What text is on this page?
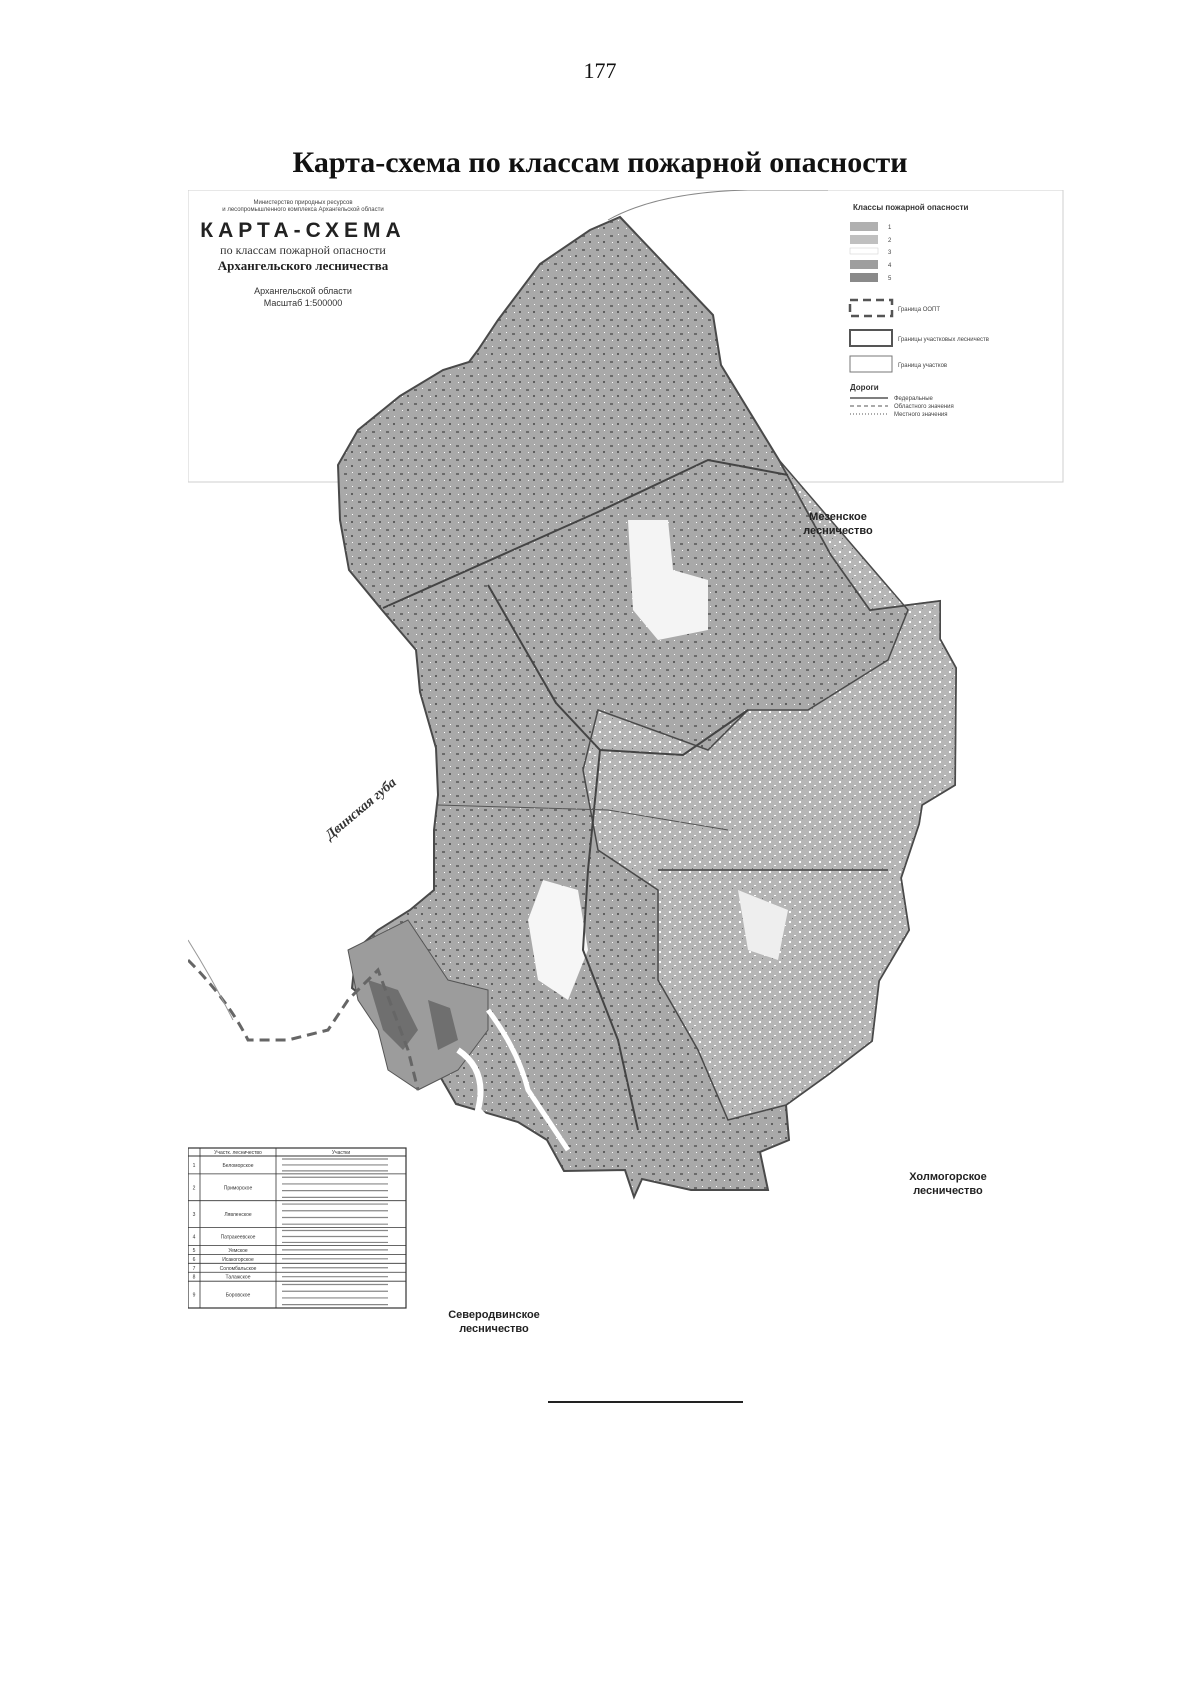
177
Карта-схема по классам пожарной опасности
Министерство природных ресурсов
и лесопромышленного комплекса Архангельской области
КАРТА-СХЕМА
по классам пожарной опасности
Архангельского лесничества
Архангельской области
Масштаб 1:500000
Классы пожарной опасности
1
2
3
4
5
Граница ООПТ
Границы участковых лесничеств
Граница участков
Дороги
Федеральные
Областного значения
Местного значения
Мезенское
лесничество
Холмогорское
лесничество
Северодвинское
лесничество
Двинская губа
Участк. лесничество	Участки
1	Беломорское
2	Приморское
3	Лявленское
4	Патракеевское
5	Уемское
6	Исакогорское
7	Соломбальское
8	Талажское
9	Боровское
